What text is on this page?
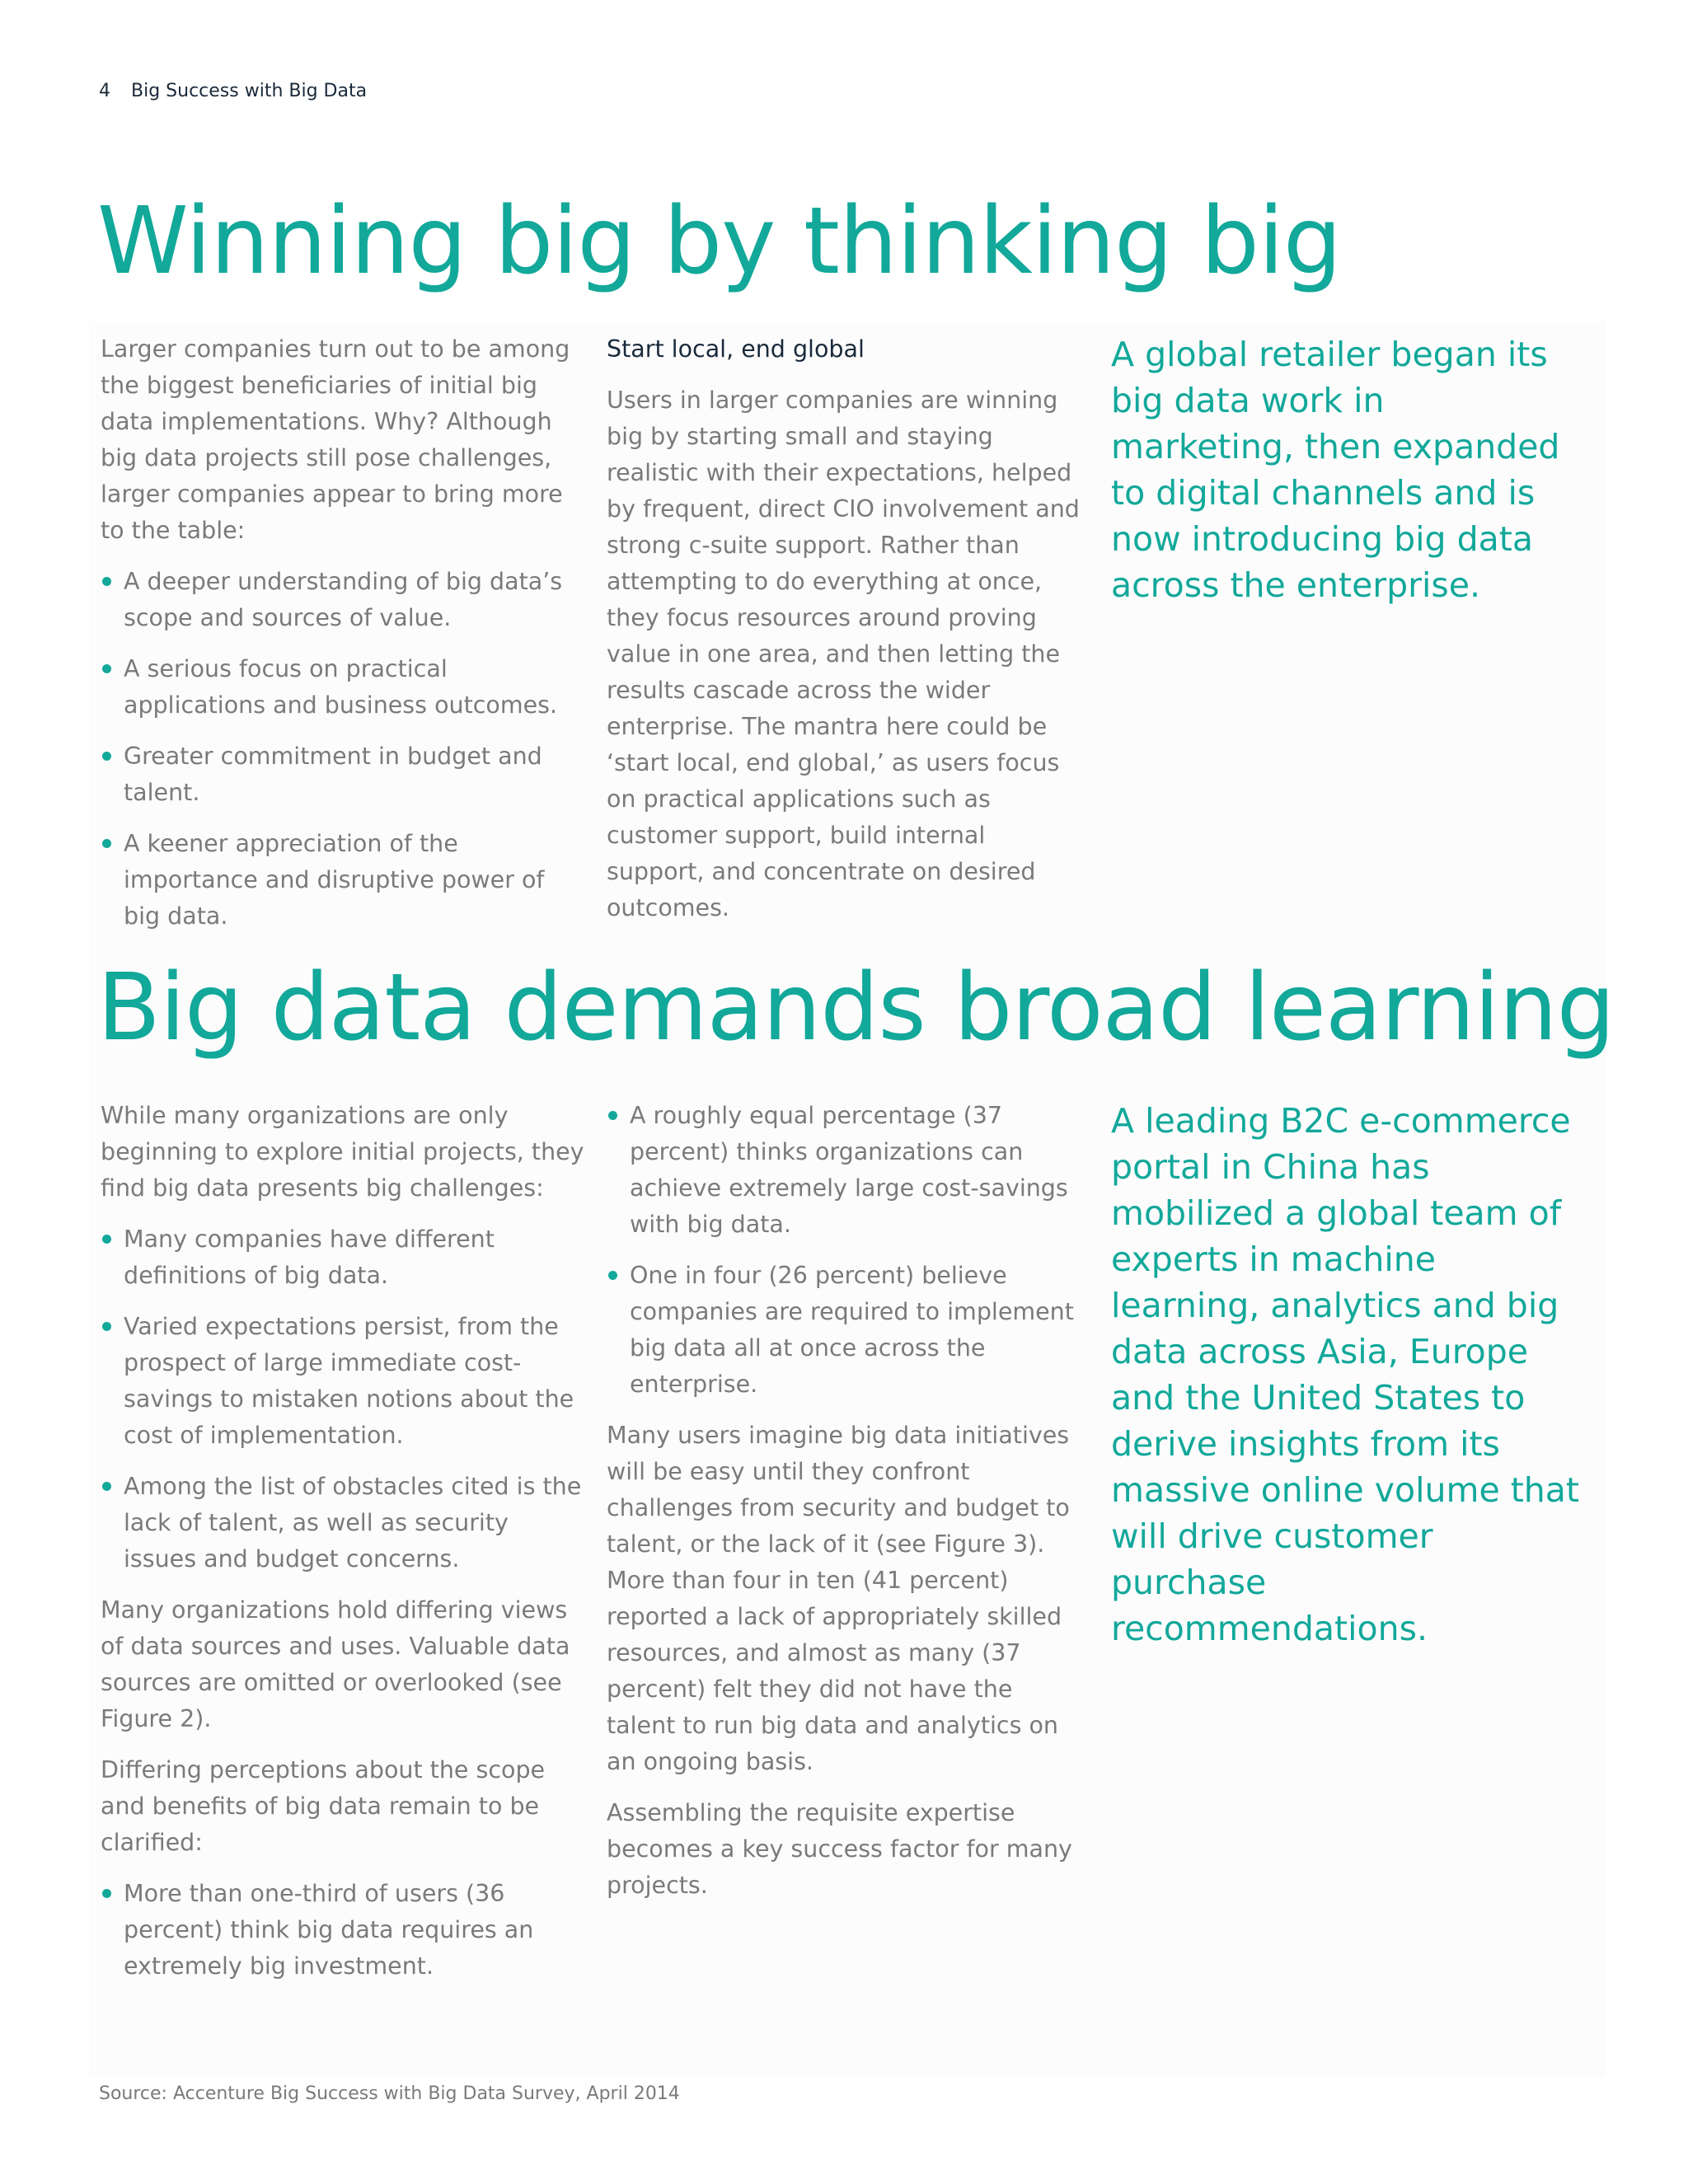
4 Big Success with Big Data
Winning big by thinking big

Larger companies turn out to be among the biggest beneficiaries of initial big data implementations. Why? Although big data projects still pose challenges, larger companies appear to bring more to the table:

A deeper understanding of big data’s scope and sources of value.
A serious focus on practical applications and business outcomes.
Greater commitment in budget and talent.
A keener appreciation of the importance and disruptive power of big data.

Start local, end global

Users in larger companies are winning big by starting small and staying realistic with their expectations, helped by frequent, direct CIO involvement and strong c-suite support. Rather than attempting to do everything at once, they focus resources around proving value in one area, and then letting the results cascade across the wider enterprise. The mantra here could be ‘start local, end global,’ as users focus on practical applications such as customer support, build internal support, and concentrate on desired outcomes.

A global retailer began its big data work in marketing, then expanded to digital channels and is now introducing big data across the enterprise.
Big data demands broad learning

While many organizations are only beginning to explore initial projects, they find big data presents big challenges:

Many companies have different definitions of big data.
Varied expectations persist, from the prospect of large immediate cost-savings to mistaken notions about the cost of implementation.
Among the list of obstacles cited is the lack of talent, as well as security issues and budget concerns.

Many organizations hold differing views of data sources and uses. Valuable data sources are omitted or overlooked (see Figure 2).

Differing perceptions about the scope and benefits of big data remain to be clarified:

More than one-third of users (36 percent) think big data requires an extremely big investment.
A roughly equal percentage (37 percent) thinks organizations can achieve extremely large cost-savings with big data.
One in four (26 percent) believe companies are required to implement big data all at once across the enterprise.

Many users imagine big data initiatives will be easy until they confront challenges from security and budget to talent, or the lack of it (see Figure 3). More than four in ten (41 percent) reported a lack of appropriately skilled resources, and almost as many (37 percent) felt they did not have the talent to run big data and analytics on an ongoing basis.

Assembling the requisite expertise becomes a key success factor for many projects.

A leading B2C e-commerce portal in China has mobilized a global team of experts in machine learning, analytics and big data across Asia, Europe and the United States to derive insights from its massive online volume that will drive customer purchase recommendations.
Source: Accenture Big Success with Big Data Survey, April 2014
